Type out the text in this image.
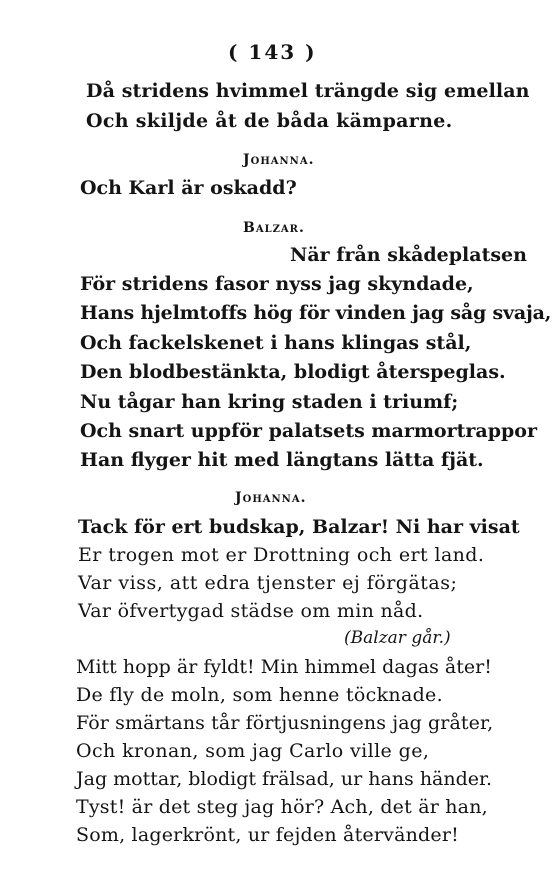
( 143 )
Då stridens hvimmel trängde sig emellan
Och skiljde åt de båda kämparne.
Johanna.
Och Karl är oskadd?
Balzar.
När från skådeplatsen
För stridens fasor nyss jag skyndade,
Hans hjelmtoffs hög för vinden jag såg svaja,
Och fackelskenet i hans klingas stål,
Den blodbestänkta, blodigt återspeglas.
Nu tågar han kring staden i triumf;
Och snart uppför palatsets marmortrappor
Han flyger hit med längtans lätta fjät.
Johanna.
Tack för ert budskap, Balzar! Ni har visat
Er trogen mot er Drottning och ert land.
Var viss, att edra tjenster ej förgätas;
Var öfvertygad städse om min nåd.
(Balzar går.)
Mitt hopp är fyldt! Min himmel dagas åter!
De fly de moln, som henne töcknade.
För smärtans tår förtjusningens jag gråter,
Och kronan, som jag Carlo ville ge,
Jag mottar, blodigt frälsad, ur hans händer.
Tyst! är det steg jag hör? Ach, det är han,
Som, lagerkrönt, ur fejden återvänder!
